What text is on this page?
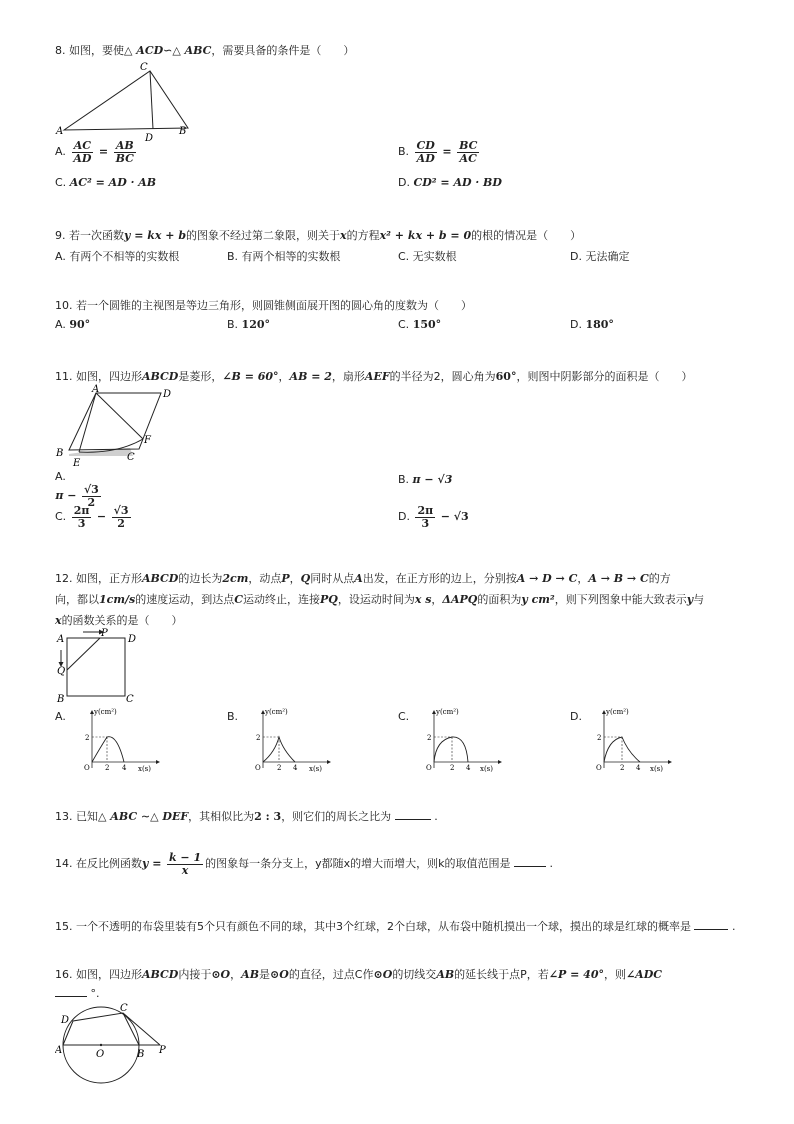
8. 如图，要使△ ACD∽△ ABC，需要具备的条件是（　　）
C
A
D
B
A. $\frac{AC}{AD} = \frac{AB}{BC}$	B. $\frac{CD}{AD} = \frac{BC}{AC}$
C. AC² = AD · AB	D. CD² = AD · BD
9. 若一次函数y = kx + b的图象不经过第二象限，则关于x的方程x² + kx + b = 0的根的情况是（　　）
A. 有两个不相等的实数根	B. 有两个相等的实数根	C. 无实数根	D. 无法确定
10. 若一个圆锥的主视图是等边三角形，则圆锥侧面展开图的圆心角的度数为（　　）
A. 90°	B. 120°	C. 150°	D. 180°
11. 如图，四边形ABCD是菱形，∠B = 60°，AB = 2，扇形AEF的半径为2，圆心角为60°，则图中阴影部分的面积是（　　）
A	D
F
B
E
C
A. $\pi - \frac{√3}{2}$
B. π − √3
C. $\frac{2\pi}{3} - \frac{√3}{2}$	D. $\frac{2\pi}{3} - √3$
12. 如图，正方形ABCD的边长为2cm，动点P，Q同时从点A出发，在正方形的边上，分别按A → D → C，A → B → C的方
向，都以1cm/s的速度运动，到达点C运动终止，连接PQ，设运动时间为x s，ΔAPQ的面积为y cm²，则下列图象中能大致表示y与
x的函数关系的是（　　）
A
P
D
Q
B	C
A.	y(cm²)
2
O 2 4 x(s)
B.	y(cm²)
2
O 2 4 x(s)
C.	y(cm²)
2
O	2 4 x(s)
D.	y(cm²)
2
O	2 4 x(s)
13. 已知△ ABC ∼△ DEF，其相似比为2 : 3，则它们的周长之比为	.
14. 在反比例函数$y = \frac{k - 1}{x}$ 的图象每一条分支上，y都随x的增大而增大，则k的取值范围是	.
15. 一个不透明的布袋里装有5个只有颜色不同的球，其中3个红球，2个白球，从布袋中随机摸出一个球，摸出的球是红球的概率是	.
16. 如图，四边形ABCD内接于⊙O，AB是⊙O的直径，过点C作⊙O的切线交AB的延长线于点P，若∠P = 40°，则∠ADC
°.
D
C
A	O	B P
